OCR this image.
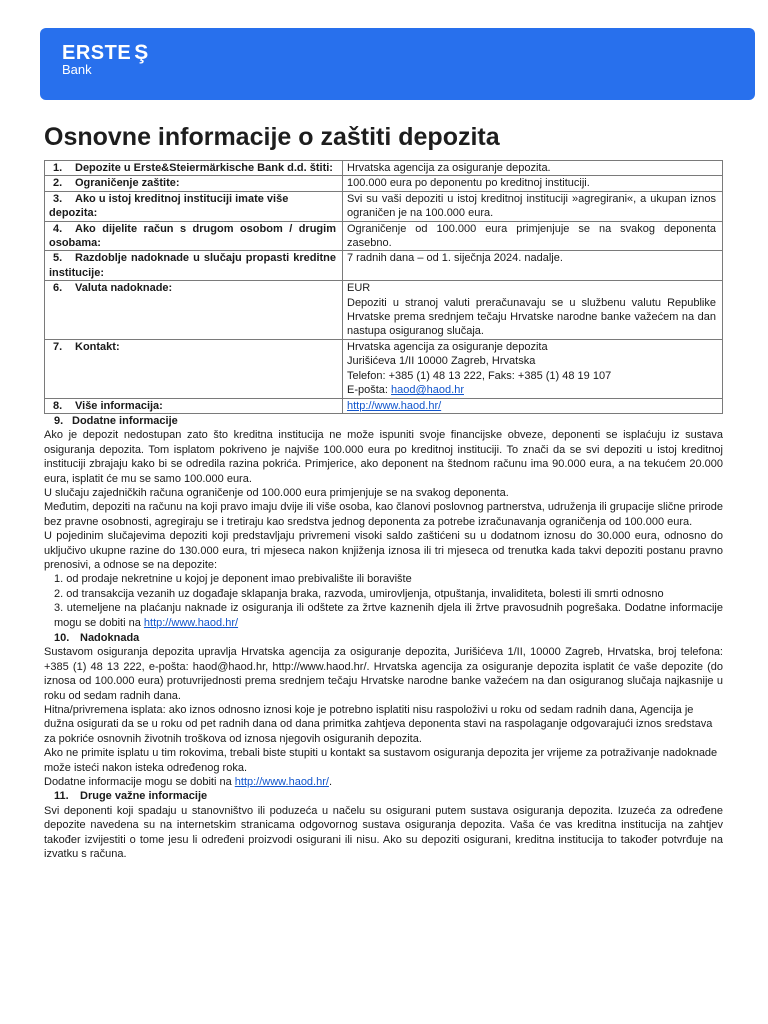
ERSTE Ş
Bank
Osnovne informacije o zaštiti depozita
1. Depozite u Erste&Steiermärkische Bank d.d. štiti:	Hrvatska agencija za osiguranje depozita.

2. Ograničenje zaštite:	100.000 eura po deponentu po kreditnoj instituciji.

3. Ako u istoj kreditnoj instituciji imate više depozita:	Svi su vaši depoziti u istoj kreditnoj instituciji »agregirani«, a ukupan iznos ograničen je na 100.000 eura.

4. Ako dijelite račun s drugom osobom / drugim osobama:	Ograničenje od 100.000 eura primjenjuje se na svakog deponenta zasebno.

5. Razdoblje nadoknade u slučaju propasti kreditne institucije:	7 radnih dana – od 1. siječnja 2024. nadalje.

6. Valuta nadoknade:	EUR
Depoziti u stranoj valuti preračunavaju se u službenu valutu Republike Hrvatske prema srednjem tečaju Hrvatske narodne banke važećem na dan nastupa osiguranog slučaja.

7. Kontakt:	Hrvatska agencija za osiguranje depozita
Jurišićeva 1/II 10000 Zagreb, Hrvatska
Telefon: +385 (1) 48 13 222, Faks: +385 (1) 48 19 107
E-pošta: haod@haod.hr

8. Više informacija:	http://www.haod.hr/
9. Dodatne informacije

Ako je depozit nedostupan zato što kreditna institucija ne može ispuniti svoje financijske obveze, deponenti se isplaćuju iz sustava osiguranja depozita. Tom isplatom pokriveno je najviše 100.000 eura po kreditnoj instituciji. To znači da se svi depoziti u istoj kreditnoj instituciji zbrajaju kako bi se odredila razina pokrića. Primjerice, ako deponent na štednom računu ima 90.000 eura, a na tekućem 20.000 eura, isplatit će mu se samo 100.000 eura.

U slučaju zajedničkih računa ograničenje od 100.000 eura primjenjuje se na svakog deponenta.

Međutim, depoziti na računu na koji pravo imaju dvije ili više osoba, kao članovi poslovnog partnerstva, udruženja ili grupacije slične prirode bez pravne osobnosti, agregiraju se i tretiraju kao sredstva jednog deponenta za potrebe izračunavanja ograničenja od 100.000 eura.

U pojedinim slučajevima depoziti koji predstavljaju privremeni visoki saldo zaštićeni su u dodatnom iznosu do 30.000 eura, odnosno do uključivo ukupne razine do 130.000 eura, tri mjeseca nakon knjiženja iznosa ili tri mjeseca od trenutka kada takvi depoziti postanu pravno prenosivi, a odnose se na depozite:

1. od prodaje nekretnine u kojoj je deponent imao prebivalište ili boravište
2. od transakcija vezanih uz događaje sklapanja braka, razvoda, umirovljenja, otpuštanja, invaliditeta, bolesti ili smrti odnosno
3. utemeljene na plaćanju naknade iz osiguranja ili odštete za žrtve kaznenih djela ili žrtve pravosudnih pogrešaka. Dodatne informacije mogu se dobiti na http://www.haod.hr/
10. Nadoknada

Sustavom osiguranja depozita upravlja Hrvatska agencija za osiguranje depozita, Jurišićeva 1/II, 10000 Zagreb, Hrvatska, broj telefona: +385 (1) 48 13 222, e-pošta: haod@haod.hr, http://www.haod.hr/. Hrvatska agencija za osiguranje depozita isplatit će vaše depozite (do iznosa od 100.000 eura) protuvrijednosti prema srednjem tečaju Hrvatske narodne banke važećem na dan osiguranog slučaja najkasnije u roku od sedam radnih dana.

Hitna/privremena isplata: ako iznos odnosno iznosi koje je potrebno isplatiti nisu raspoloživi u roku od sedam radnih dana, Agencija je dužna osigurati da se u roku od pet radnih dana od dana primitka zahtjeva deponenta stavi na raspolaganje odgovarajući iznos sredstava za pokriće osnovnih životnih troškova od iznosa njegovih osiguranih depozita.

Ako ne primite isplatu u tim rokovima, trebali biste stupiti u kontakt sa sustavom osiguranja depozita jer vrijeme za potraživanje nadoknade može isteći nakon isteka određenog roka.

Dodatne informacije mogu se dobiti na http://www.haod.hr/.

11. Druge važne informacije

Svi deponenti koji spadaju u stanovništvo ili poduzeća u načelu su osigurani putem sustava osiguranja depozita. Izuzeća za određene depozite navedena su na internetskim stranicama odgovornog sustava osiguranja depozita. Vaša će vas kreditna institucija na zahtjev također izvijestiti o tome jesu li određeni proizvodi osigurani ili nisu. Ako su depoziti osigurani, kreditna institucija to također potvrđuje na izvatku s računa.
